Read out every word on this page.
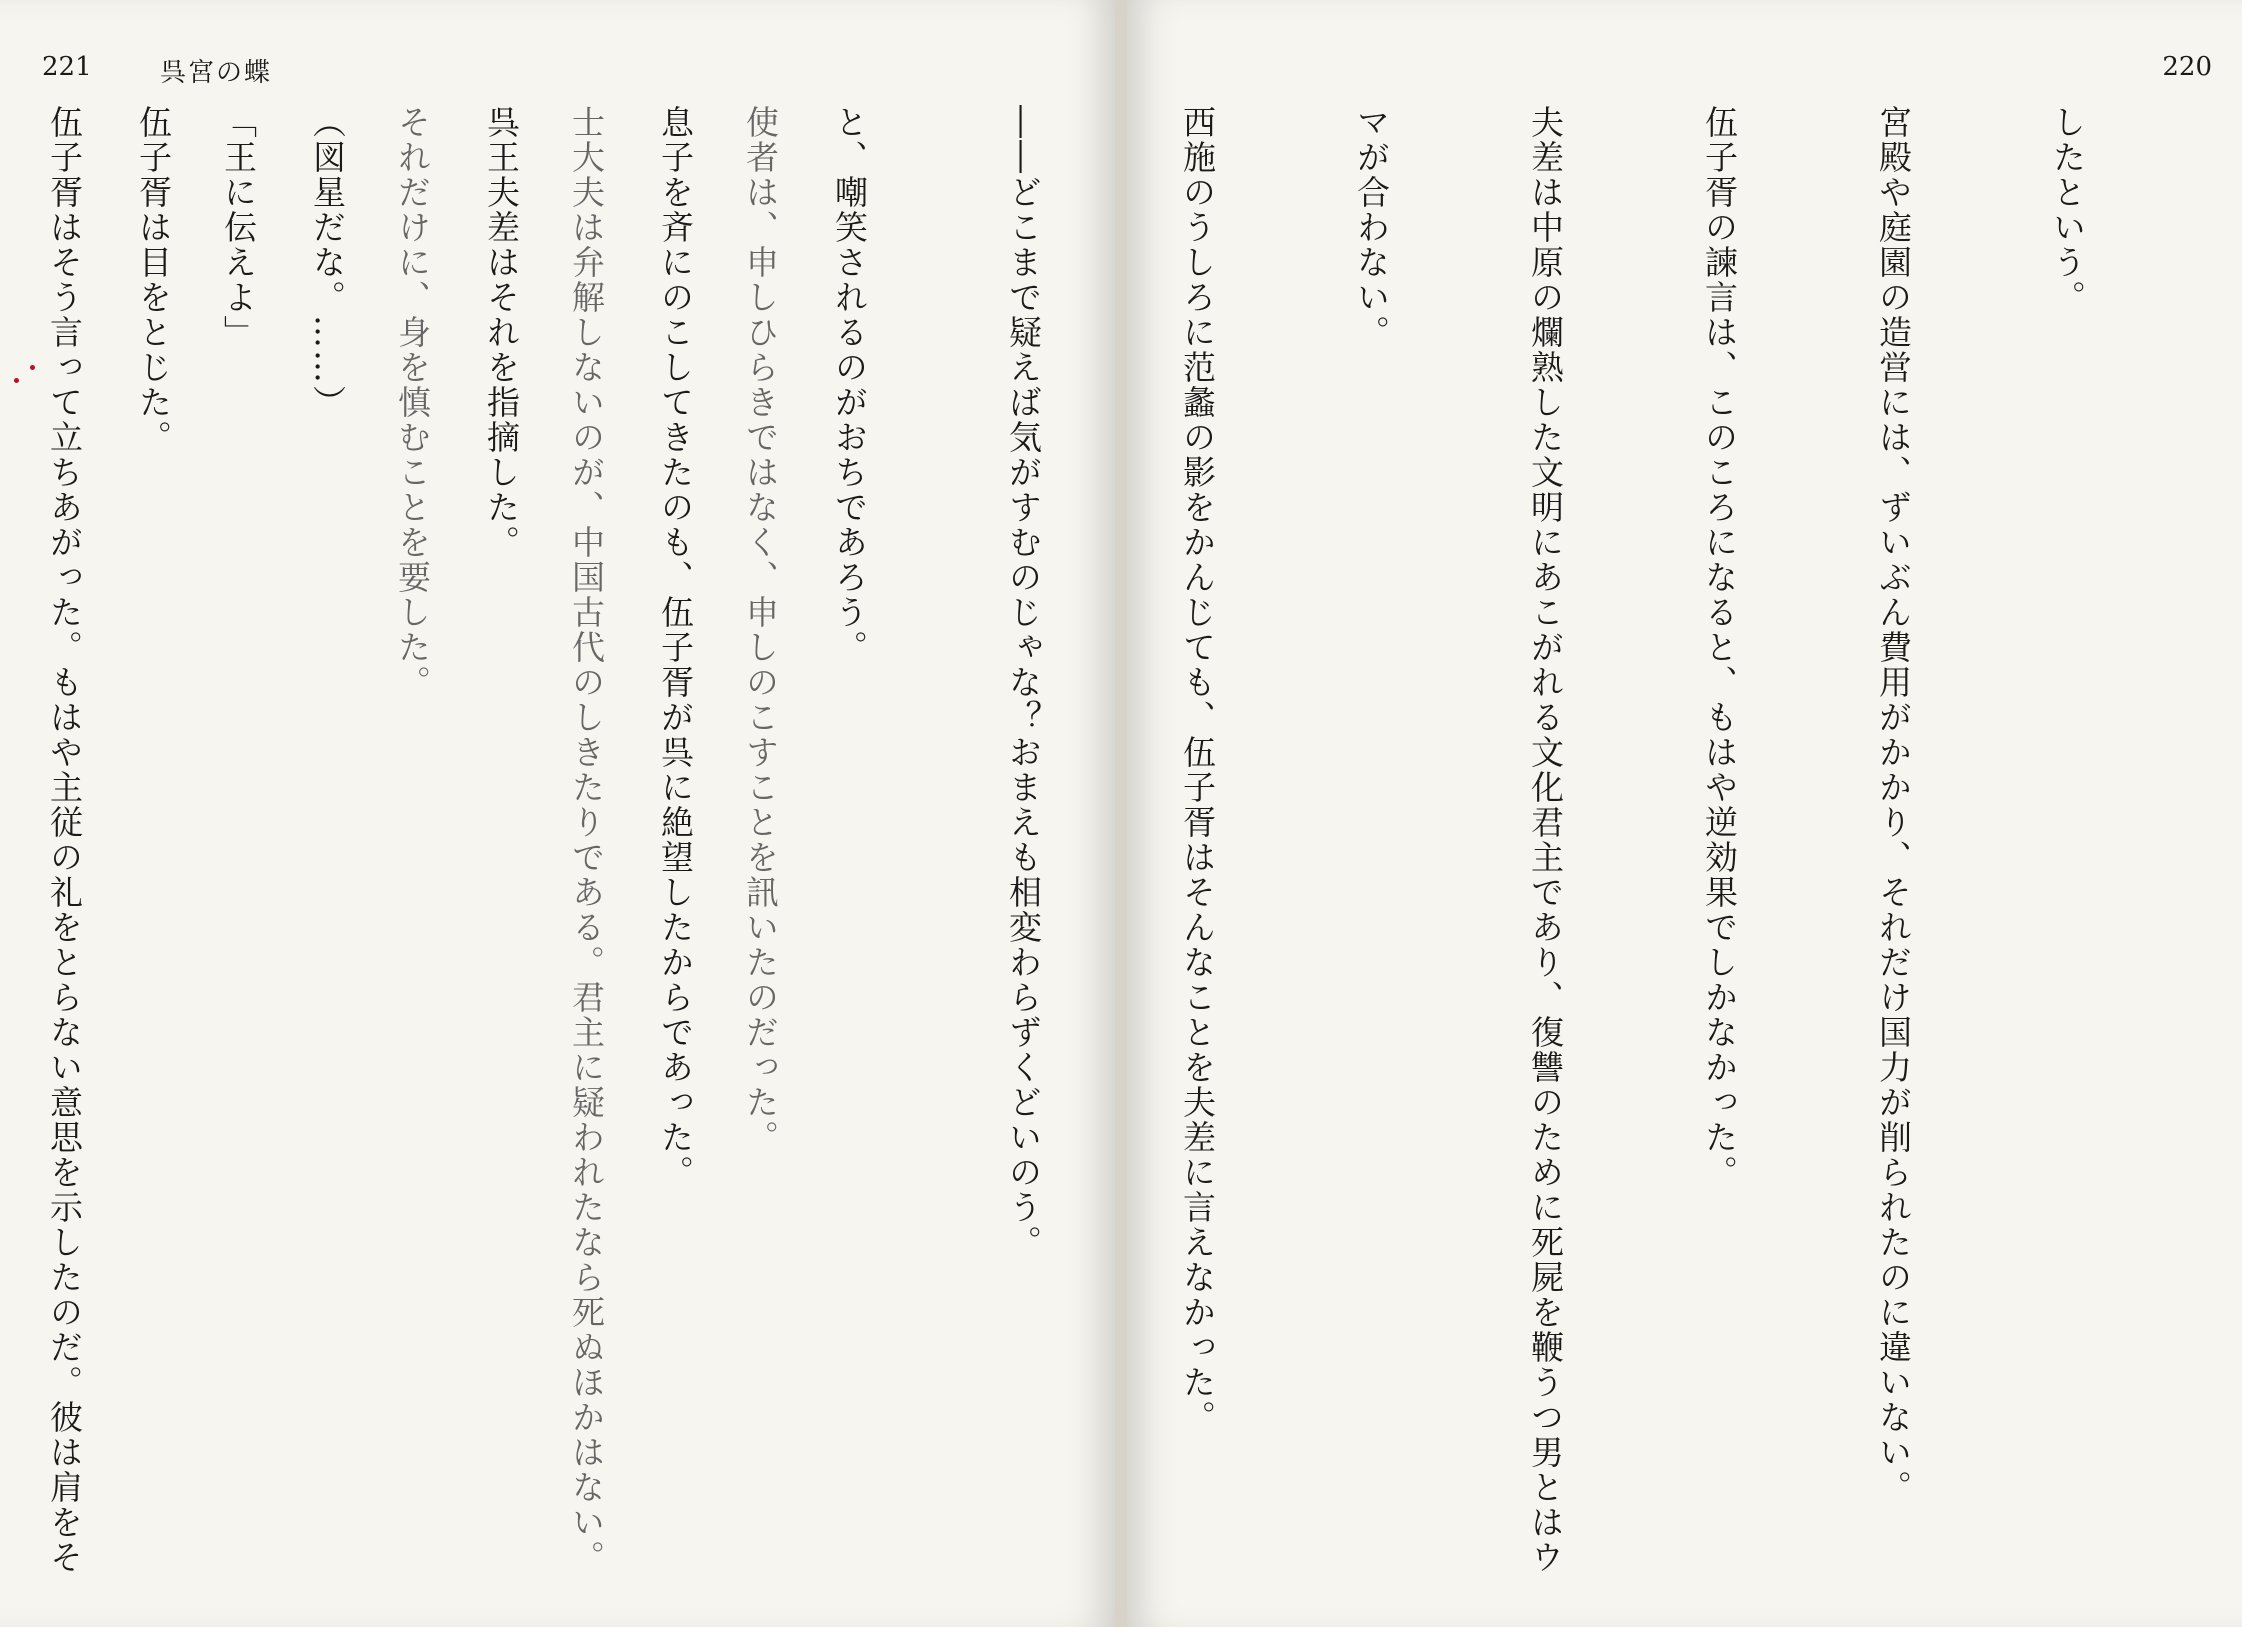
221	呉宮の蝶

使者は、申しひらきではなく、申しのこすことを訊いたのだった。

士大夫は弁解しないのが、中国古代のしきたりである。君主に疑われたなら死ぬほかはない。

それだけに、身を慎むことを要した。

「王に伝えよ」

伍子胥はそう言って立ちあがった。もはや主従の礼をとらない意思を示したのだ。彼は肩をそ

220

したという。

宮殿や庭園の造営には、ずいぶん費用がかかり、それだけ国力が削られたのに違いない。

伍子胥の諫言は、このころになると、もはや逆効果でしかなかった。

夫差は中原の爛熟した文明にあこがれる文化君主であり、復讐のために死屍を鞭うつ男とはウ

マが合わない。

西施のうしろに范蠡の影をかんじても、伍子胥はそんなことを夫差に言えなかった。

――どこまで疑えば気がすむのじゃな？おまえも相変わらずくどいのう。

と、嘲笑されるのがおちであろう。

息子を斉にのこしてきたのも、伍子胥が呉に絶望したからであった。

呉王夫差はそれを指摘した。

（図星だな。……）

伍子胥は目をとじた。
